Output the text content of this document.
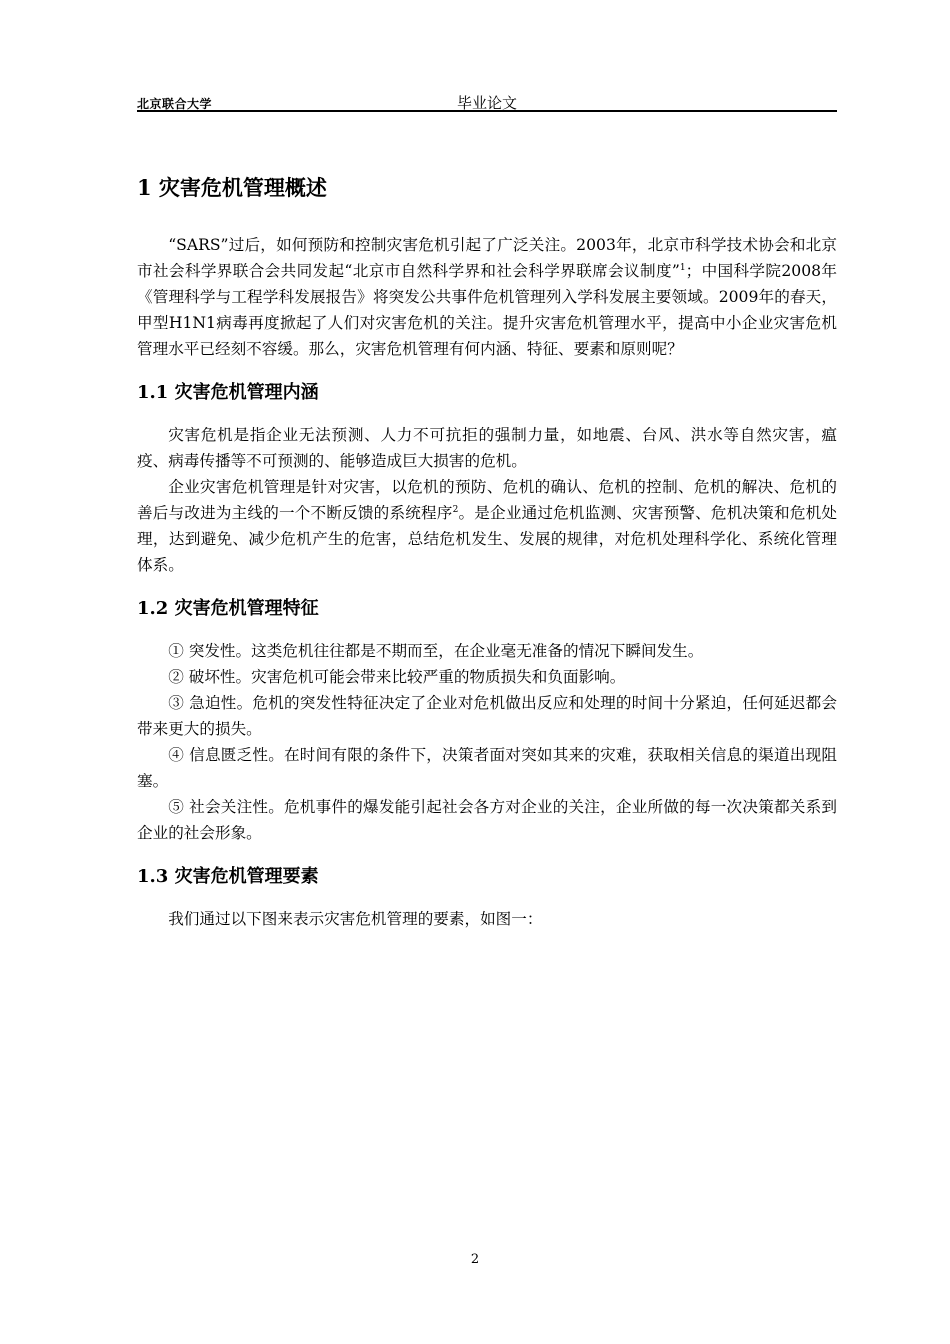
北京联合大学	毕业论文
1 灾害危机管理概述

“SARS”过后，如何预防和控制灾害危机引起了广泛关注。2003年，北京市科学技术协会和北京市社会科学界联合会共同发起“北京市自然科学界和社会科学界联席会议制度”$^1$；中国科学院2008年《管理科学与工程学科发展报告》将突发公共事件危机管理列入学科发展主要领域。2009年的春天，甲型H1N1病毒再度掀起了人们对灾害危机的关注。提升灾害危机管理水平，提高中小企业灾害危机管理水平已经刻不容缓。那么，灾害危机管理有何内涵、特征、要素和原则呢？

1.1 灾害危机管理内涵

灾害危机是指企业无法预测、人力不可抗拒的强制力量，如地震、台风、洪水等自然灾害，瘟疫、病毒传播等不可预测的、能够造成巨大损害的危机。

企业灾害危机管理是针对灾害，以危机的预防、危机的确认、危机的控制、危机的解决、危机的善后与改进为主线的一个不断反馈的系统程序$^2$。是企业通过危机监测、灾害预警、危机决策和危机处理，达到避免、减少危机产生的危害，总结危机发生、发展的规律，对危机处理科学化、系统化管理体系。

1.2 灾害危机管理特征

① 突发性。这类危机往往都是不期而至，在企业毫无准备的情况下瞬间发生。

② 破坏性。灾害危机可能会带来比较严重的物质损失和负面影响。

③ 急迫性。危机的突发性特征决定了企业对危机做出反应和处理的时间十分紧迫，任何延迟都会带来更大的损失。

④ 信息匮乏性。在时间有限的条件下，决策者面对突如其来的灾难，获取相关信息的渠道出现阻塞。

⑤ 社会关注性。危机事件的爆发能引起社会各方对企业的关注，企业所做的每一次决策都关系到企业的社会形象。

1.3 灾害危机管理要素

我们通过以下图来表示灾害危机管理的要素，如图一：

2
